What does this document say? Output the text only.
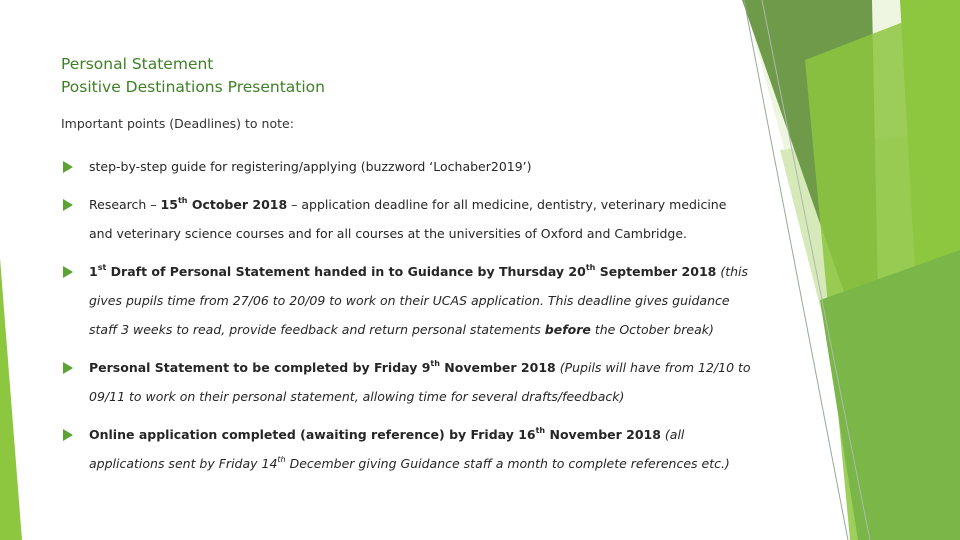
Personal Statement
Positive Destinations Presentation
Important points (Deadlines) to note:
step-by-step guide for registering/applying (buzzword ‘Lochaber2019’)
Research – 15th October 2018 – application deadline for all medicine, dentistry, veterinary medicine and veterinary science courses and for all courses at the universities of Oxford and Cambridge.
1st Draft of Personal Statement handed in to Guidance by Thursday 20th September 2018 (this gives pupils time from 27/06 to 20/09 to work on their UCAS application. This deadline gives guidance staff 3 weeks to read, provide feedback and return personal statements before the October break)
Personal Statement to be completed by Friday 9th November 2018 (Pupils will have from 12/10 to 09/11 to work on their personal statement, allowing time for several drafts/feedback)
Online application completed (awaiting reference) by Friday 16th November 2018 (all applications sent by Friday 14th December giving Guidance staff a month to complete references etc.)
